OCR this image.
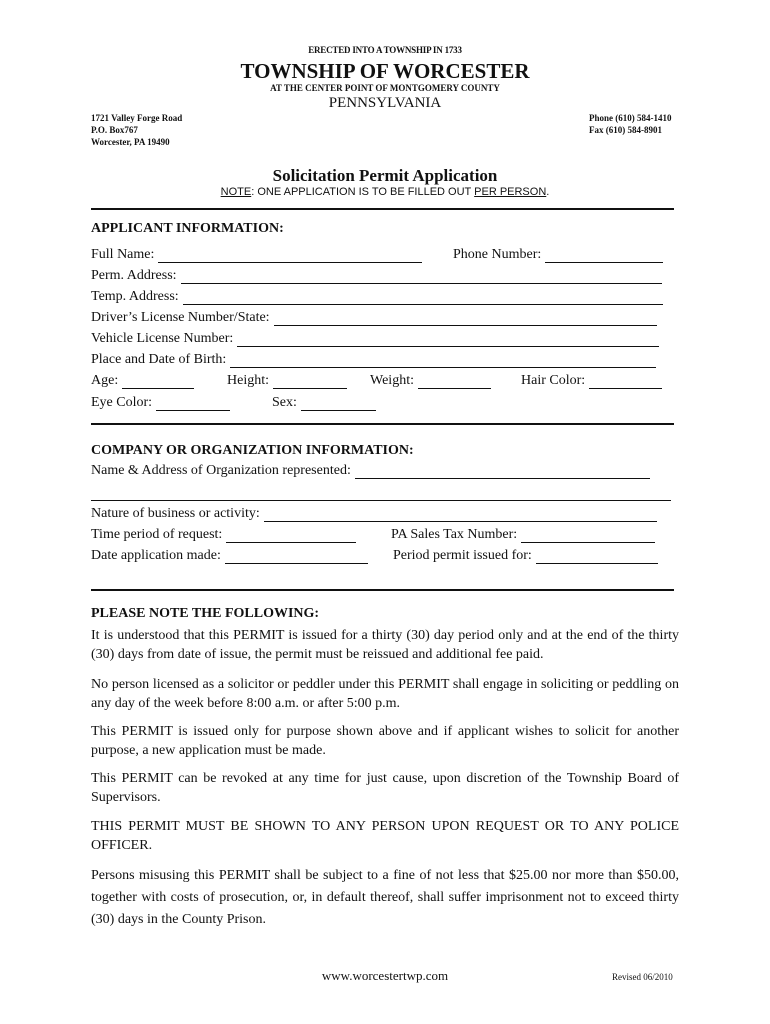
ERECTED INTO A TOWNSHIP IN 1733
TOWNSHIP OF WORCESTER
AT THE CENTER POINT OF MONTGOMERY COUNTY
PENNSYLVANIA
1721 Valley Forge Road
P.O. Box767
Worcester, PA 19490
Phone (610) 584-1410
Fax (610) 584-8901
Solicitation Permit Application
NOTE: ONE APPLICATION IS TO BE FILLED OUT PER PERSON.
APPLICANT INFORMATION:
Full Name:	Phone Number:
Perm. Address:
Temp. Address:
Driver’s License Number/State:
Vehicle License Number:
Place and Date of Birth:
Age:	Height:	Weight:	Hair Color:
Eye Color:	Sex:
COMPANY OR ORGANIZATION INFORMATION:
Name & Address of Organization represented:
Nature of business or activity:
Time period of request:	PA Sales Tax Number:
Date application made:	Period permit issued for:
PLEASE NOTE THE FOLLOWING:
It is understood that this PERMIT is issued for a thirty (30) day period only and at the end of the thirty (30) days from date of issue, the permit must be reissued and additional fee paid.
No person licensed as a solicitor or peddler under this PERMIT shall engage in soliciting or peddling on any day of the week before 8:00 a.m. or after 5:00 p.m.
This PERMIT is issued only for purpose shown above and if applicant wishes to solicit for another purpose, a new application must be made.
This PERMIT can be revoked at any time for just cause, upon discretion of the Township Board of Supervisors.
THIS PERMIT MUST BE SHOWN TO ANY PERSON UPON REQUEST OR TO ANY POLICE OFFICER.
Persons misusing this PERMIT shall be subject to a fine of not less that $25.00 nor more than $50.00, together with costs of prosecution, or, in default thereof, shall suffer imprisonment not to exceed thirty (30) days in the County Prison.
www.worcestertwp.com	Revised 06/2010
